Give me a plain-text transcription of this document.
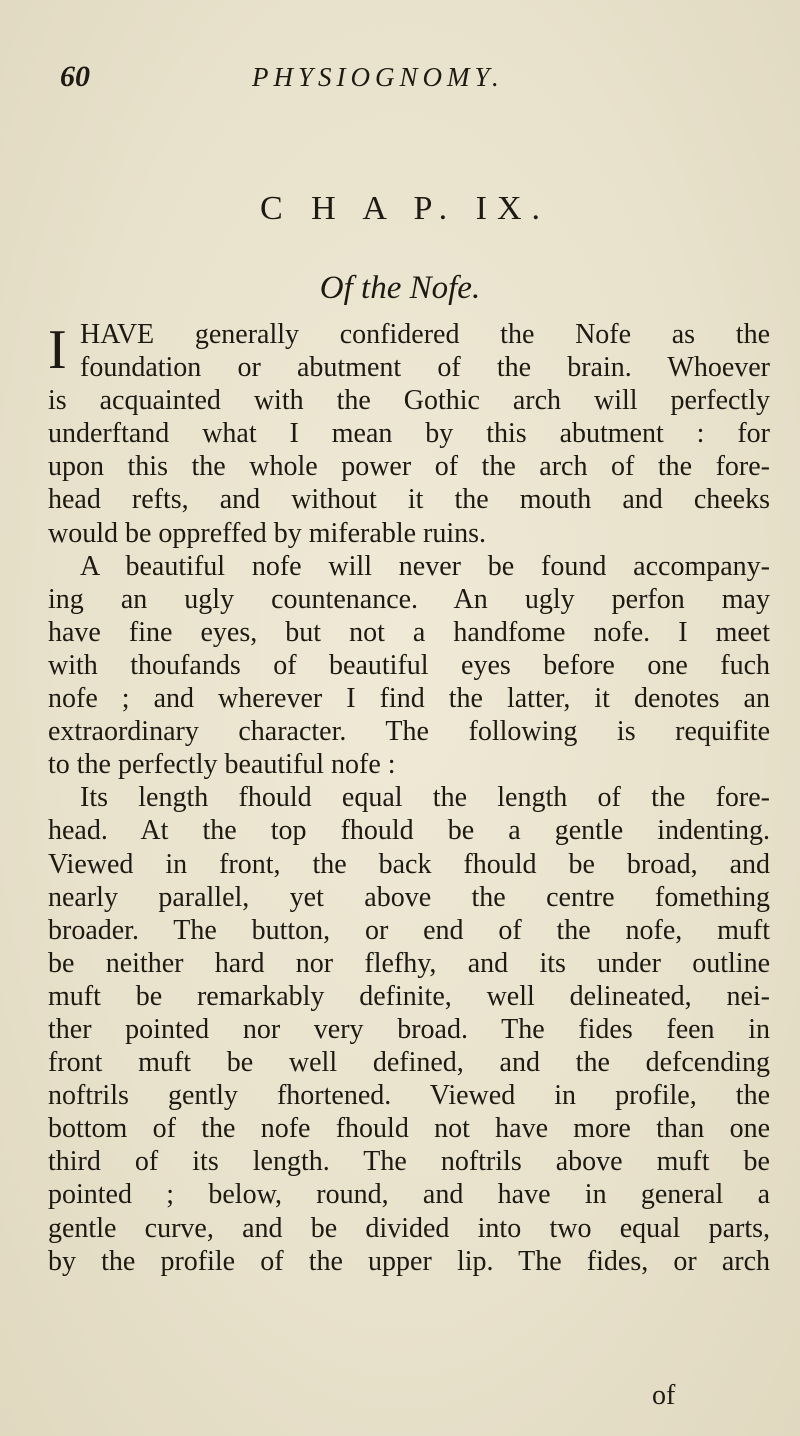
60	PHYSIOGNOMY.
C H A P. IX.
Of the Nofe.
I HAVE generally confidered the Nofe as the
foundation or abutment of the brain. Whoever
is acquainted with the Gothic arch will perfectly
underftand what I mean by this abutment : for
upon this the whole power of the arch of the fore-
head refts, and without it the mouth and cheeks
would be oppreffed by miferable ruins.
A beautiful nofe will never be found accompany-
ing an ugly countenance. An ugly perfon may
have fine eyes, but not a handfome nofe. I meet
with thoufands of beautiful eyes before one fuch
nofe ; and wherever I find the latter, it denotes an
extraordinary character. The following is requifite
to the perfectly beautiful nofe :
Its length fhould equal the length of the fore-
head. At the top fhould be a gentle indenting.
Viewed in front, the back fhould be broad, and
nearly parallel, yet above the centre fomething
broader. The button, or end of the nofe, muft
be neither hard nor flefhy, and its under outline
muft be remarkably definite, well delineated, nei-
ther pointed nor very broad. The fides feen in
front muft be well defined, and the defcending
noftrils gently fhortened. Viewed in profile, the
bottom of the nofe fhould not have more than one
third of its length. The noftrils above muft be
pointed ; below, round, and have in general a
gentle curve, and be divided into two equal parts,
by the profile of the upper lip. The fides, or arch
of
